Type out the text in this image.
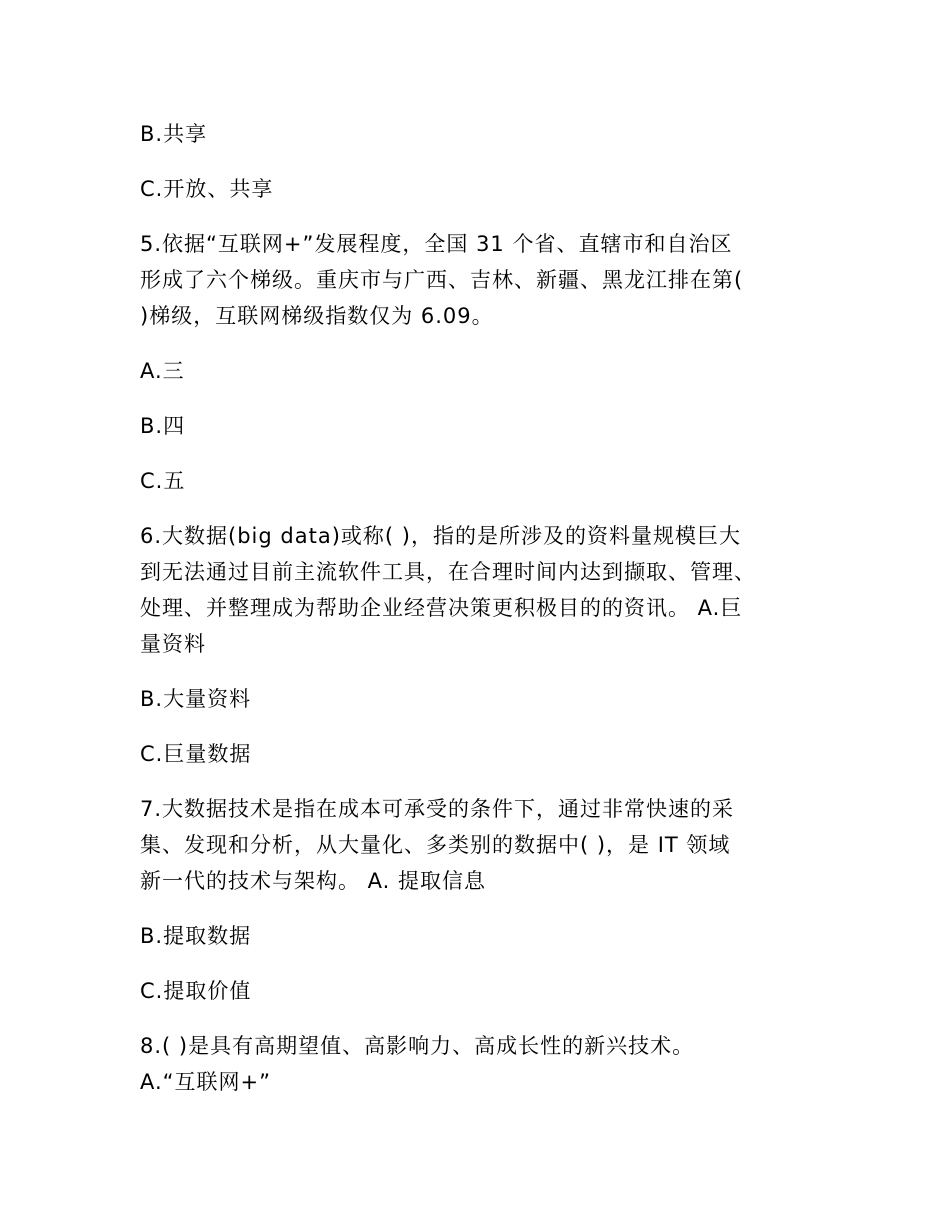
B.共享

C.开放、共享

5.依据“互联网+”发展程度，全国 31 个省、直辖市和自治区

形成了六个梯级。重庆市与广西、吉林、新疆、黑龙江排在第(

)梯级，互联网梯级指数仅为 6.09。

A.三

B.四

C.五

6.大数据(big data)或称( )，指的是所涉及的资料量规模巨大

到无法通过目前主流软件工具，在合理时间内达到撷取、管理、

处理、并整理成为帮助企业经营决策更积极目的的资讯。 A.巨

量资料

B.大量资料

C.巨量数据

7.大数据技术是指在成本可承受的条件下，通过非常快速的采

集、发现和分析，从大量化、多类别的数据中( )，是 IT 领域

新一代的技术与架构。 A. 提取信息

B.提取数据

C.提取价值

8.( )是具有高期望值、高影响力、高成长性的新兴技术。

A.“互联网+”
